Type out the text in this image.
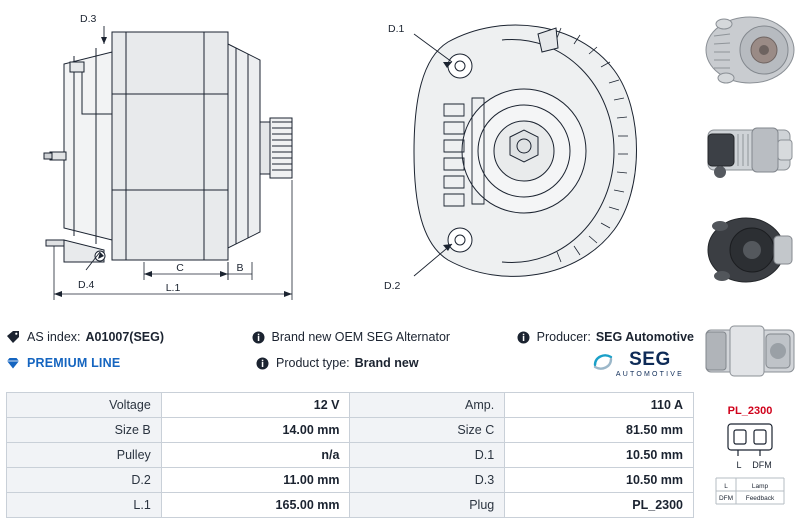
D.3
D.4
C	B
L.1
D.1
D.2
PL_2300
L DFM
L	Lamp
DFM Feedback
AS index: A01007(SEG)	Brand new OEM SEG Alternator	Producer: SEG Automotive
PREMIUM LINE	Product type: Brand new	SEG
AUTOMOTIVE
Voltage	12 V	Amp.	110 A
Size B	14.00 mm	Size C	81.50 mm
Pulley	n/a	D.1	10.50 mm
D.2	11.00 mm	D.3	10.50 mm
L.1	165.00 mm	Plug	PL_2300
